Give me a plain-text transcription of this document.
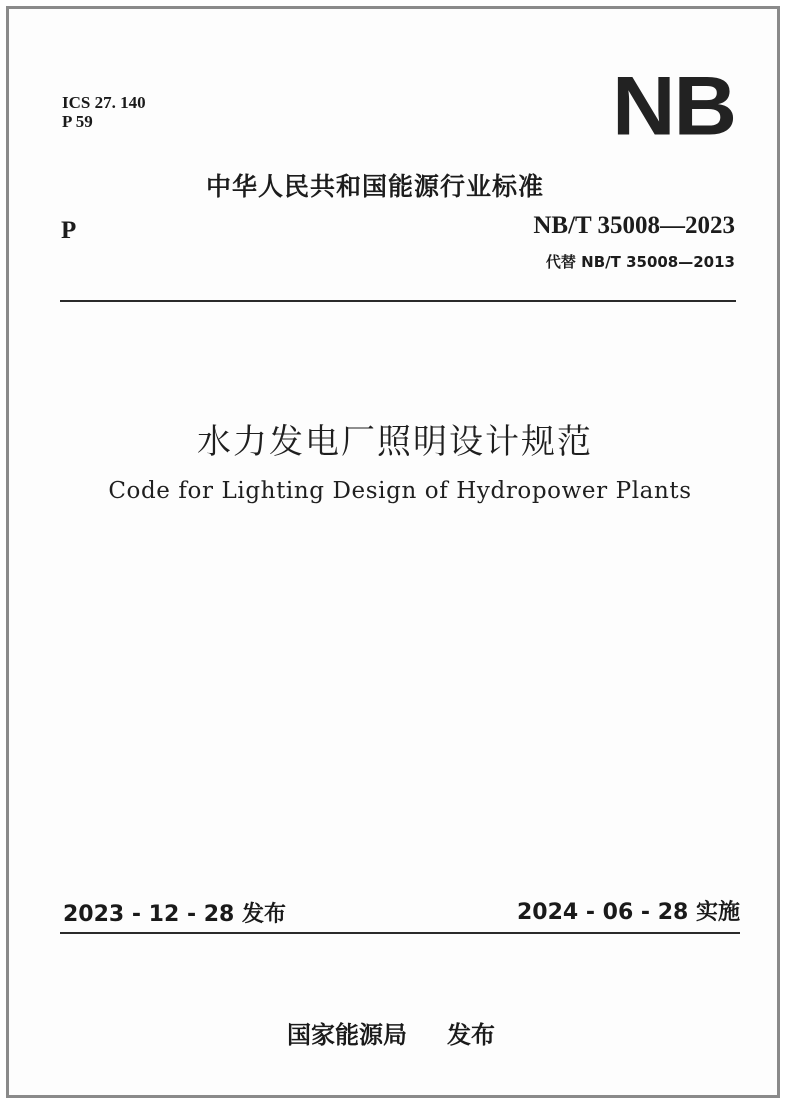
ICS 27. 140
P 59	NB
中华人民共和国能源行业标准
P	NB/T 35008—2023
代替 NB/T 35008—2013
水力发电厂照明设计规范
Code for Lighting Design of Hydropower Plants
2023 - 12 - 28 发布	2024 - 06 - 28 实施
国家能源局 发布
